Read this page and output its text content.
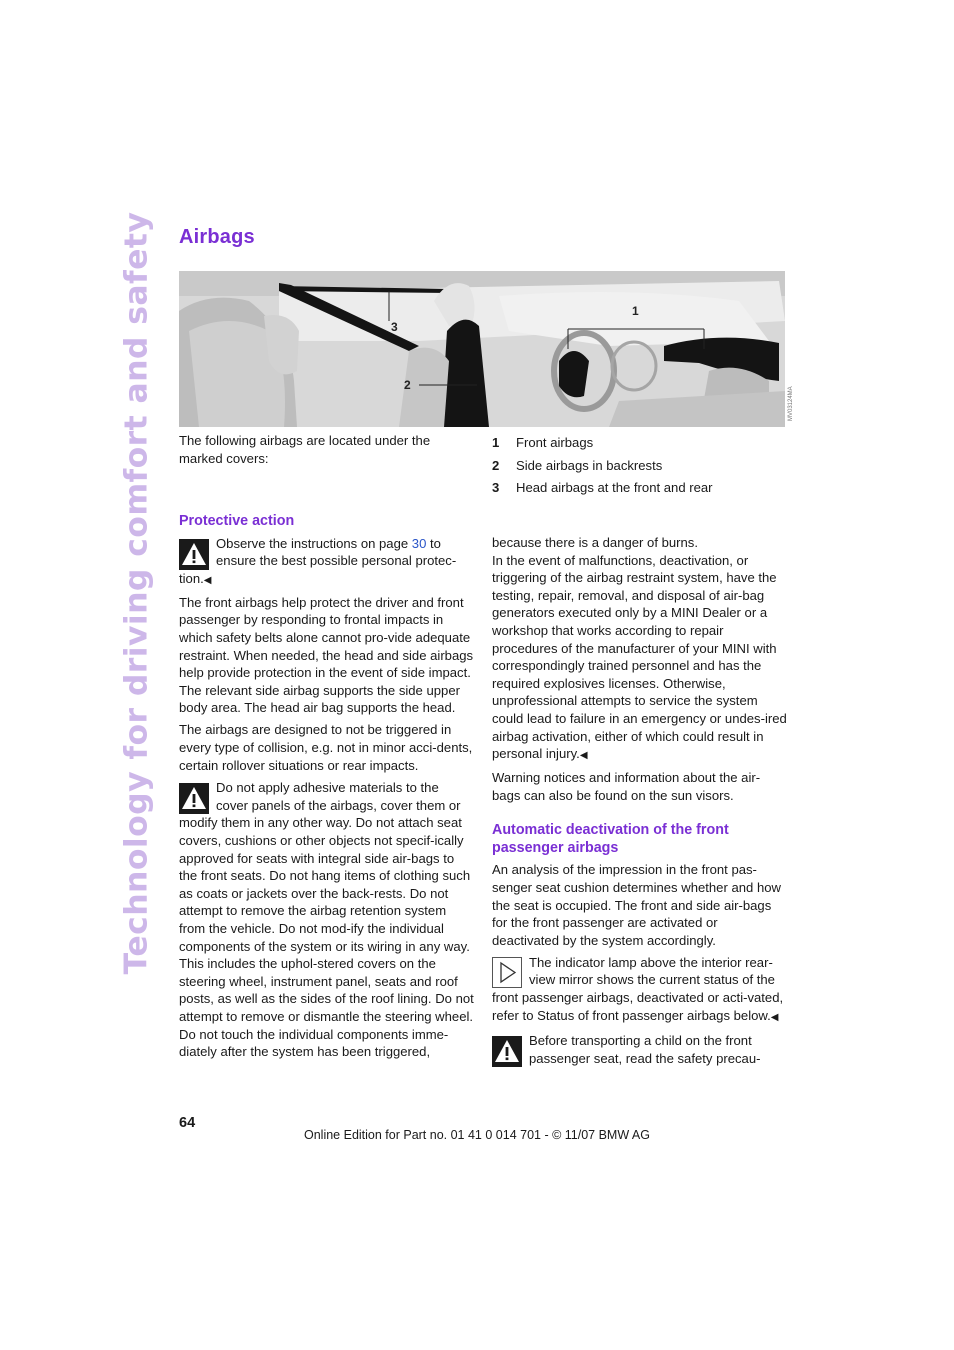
Technology for driving comfort and safety Airbags
3
1
2
MV03124MA

The following airbags are located under the marked covers:

1	Front airbags
2	Side airbags in backrests
3	Head airbags at the front and rear
Protective action
Observe the instructions on page 30 to ensure the best possible personal protec-tion.◀

The front airbags help protect the driver and front passenger by responding to frontal impacts in which safety belts alone cannot pro-vide adequate restraint. When needed, the head and side airbags help provide protection in the event of side impact. The relevant side airbag supports the side upper body area. The head air bag supports the head.

The airbags are designed to not be triggered in every type of collision, e.g. not in minor acci-dents, certain rollover situations or rear impacts.

Do not apply adhesive materials to the cover panels of the airbags, cover them or modify them in any other way. Do not attach seat covers, cushions or other objects not specif-ically approved for seats with integral side air-bags to the front seats. Do not hang items of clothing such as coats or jackets over the back-rests. Do not attempt to remove the airbag retention system from the vehicle. Do not mod-ify the individual components of the system or its wiring in any way. This includes the uphol-stered covers on the steering wheel, instrument panel, seats and roof posts, as well as the sides of the roof lining. Do not attempt to remove or dismantle the steering wheel.
Do not touch the individual components imme-diately after the system has been triggered,

because there is a danger of burns.

In the event of malfunctions, deactivation, or triggering of the airbag restraint system, have the testing, repair, removal, and disposal of air-bag generators executed only by a MINI Dealer or a workshop that works according to repair procedures of the manufacturer of your MINI with correspondingly trained personnel and has the required explosives licenses. Otherwise, unprofessional attempts to service the system could lead to failure in an emergency or undes-ired airbag activation, either of which could result in personal injury.◀

Warning notices and information about the air-bags can also be found on the sun visors.

Automatic deactivation of the front passenger airbags

An analysis of the impression in the front pas-senger seat cushion determines whether and how the seat is occupied. The front and side air-bags for the front passenger are activated or deactivated by the system accordingly.

The indicator lamp above the interior rear-view mirror shows the current status of the front passenger airbags, deactivated or acti-vated, refer to Status of front passenger airbags below.◀
Before transporting a child on the front passenger seat, read the safety precau-
64
Online Edition for Part no. 01 41 0 014 701 - © 11/07 BMW AG
